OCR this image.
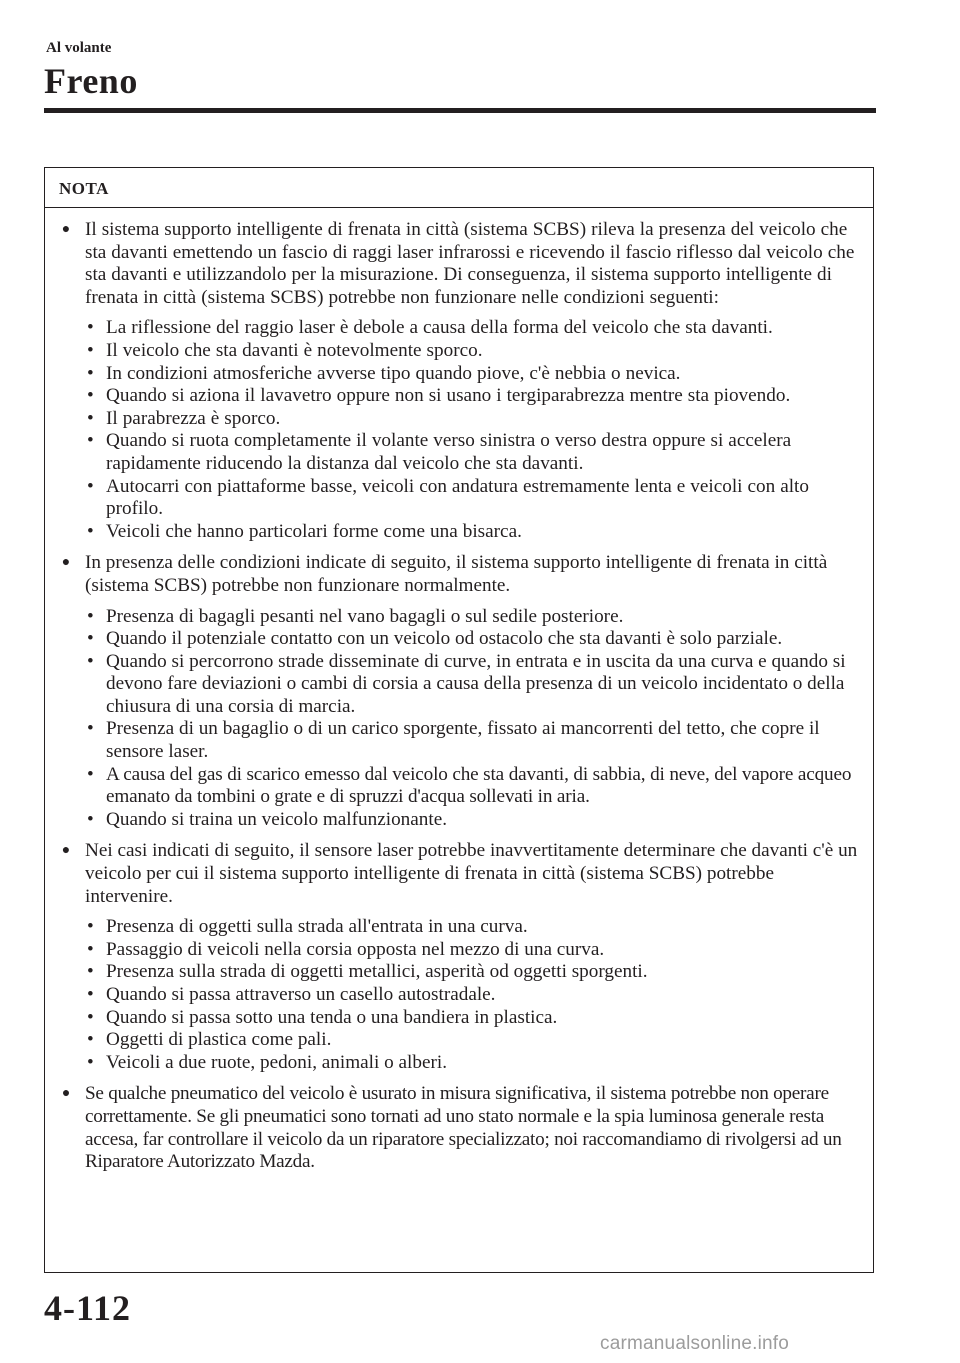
Al volante
Freno
NOTA
● Il sistema supporto intelligente di frenata in città (sistema SCBS) rileva la presenza del veicolo che sta davanti emettendo un fascio di raggi laser infrarossi e ricevendo il fascio riflesso dal veicolo che sta davanti e utilizzandolo per la misurazione. Di conseguenza, il sistema supporto intelligente di frenata in città (sistema SCBS) potrebbe non funzionare nelle condizioni seguenti:
• La riflessione del raggio laser è debole a causa della forma del veicolo che sta davanti.
• Il veicolo che sta davanti è notevolmente sporco.
• In condizioni atmosferiche avverse tipo quando piove, c'è nebbia o nevica.
• Quando si aziona il lavavetro oppure non si usano i tergiparabrezza mentre sta piovendo.
• Il parabrezza è sporco.
• Quando si ruota completamente il volante verso sinistra o verso destra oppure si accelera rapidamente riducendo la distanza dal veicolo che sta davanti.
• Autocarri con piattaforme basse, veicoli con andatura estremamente lenta e veicoli con alto profilo.
• Veicoli che hanno particolari forme come una bisarca.
● In presenza delle condizioni indicate di seguito, il sistema supporto intelligente di frenata in città (sistema SCBS) potrebbe non funzionare normalmente.
• Presenza di bagagli pesanti nel vano bagagli o sul sedile posteriore.
• Quando il potenziale contatto con un veicolo od ostacolo che sta davanti è solo parziale.
• Quando si percorrono strade disseminate di curve, in entrata e in uscita da una curva e quando si devono fare deviazioni o cambi di corsia a causa della presenza di un veicolo incidentato o della chiusura di una corsia di marcia.
• Presenza di un bagaglio o di un carico sporgente, fissato ai mancorrenti del tetto, che copre il sensore laser.
• A causa del gas di scarico emesso dal veicolo che sta davanti, di sabbia, di neve, del vapore acqueo emanato da tombini o grate e di spruzzi d'acqua sollevati in aria.
• Quando si traina un veicolo malfunzionante.
● Nei casi indicati di seguito, il sensore laser potrebbe inavvertitamente determinare che davanti c'è un veicolo per cui il sistema supporto intelligente di frenata in città (sistema SCBS) potrebbe intervenire.
• Presenza di oggetti sulla strada all'entrata in una curva.
• Passaggio di veicoli nella corsia opposta nel mezzo di una curva.
• Presenza sulla strada di oggetti metallici, asperità od oggetti sporgenti.
• Quando si passa attraverso un casello autostradale.
• Quando si passa sotto una tenda o una bandiera in plastica.
• Oggetti di plastica come pali.
• Veicoli a due ruote, pedoni, animali o alberi.
● Se qualche pneumatico del veicolo è usurato in misura significativa, il sistema potrebbe non operare correttamente. Se gli pneumatici sono tornati ad uno stato normale e la spia luminosa generale resta accesa, far controllare il veicolo da un riparatore specializzato; noi raccomandiamo di rivolgersi ad un Riparatore Autorizzato Mazda.
4-112
carmanualsonline.info
